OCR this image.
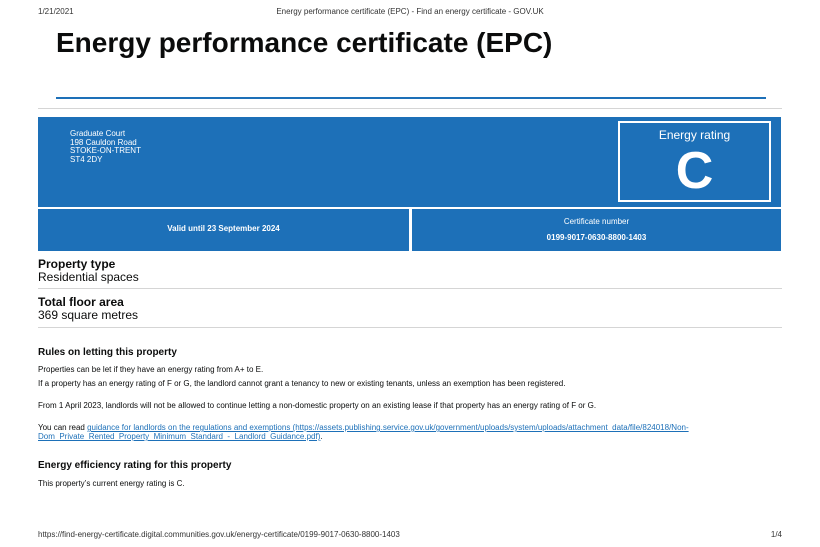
1/21/2021	Energy performance certificate (EPC) - Find an energy certificate - GOV.UK
Energy performance certificate (EPC)
Graduate Court
198 Cauldon Road
STOKE-ON-TRENT
ST4 2DY
Energy rating
C
Valid until 23 September 2024
Certificate number
0199-9017-0630-8800-1403
Property type
Residential spaces
Total floor area
369 square metres
Rules on letting this property

Properties can be let if they have an energy rating from A+ to E.

If a property has an energy rating of F or G, the landlord cannot grant a tenancy to new or existing tenants, unless an exemption has been registered.

From 1 April 2023, landlords will not be allowed to continue letting a non-domestic property on an existing lease if that property has an energy rating of F or G.

You can read guidance for landlords on the regulations and exemptions (https://assets.publishing.service.gov.uk/government/uploads/system/uploads/attachment_data/file/824018/Non-Dom_Private_Rented_Property_Minimum_Standard_-_Landlord_Guidance.pdf).

Energy efficiency rating for this property

This property’s current energy rating is C.

https://find-energy-certificate.digital.communities.gov.uk/energy-certificate/0199-9017-0630-8800-1403	1/4
